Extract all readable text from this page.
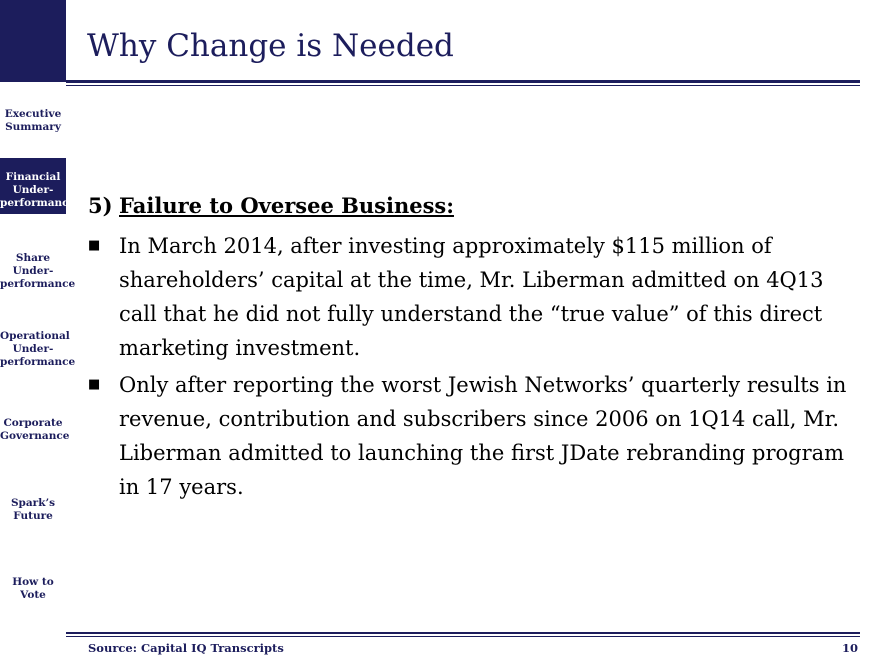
Executive
Summary
Financial
Under-
performance
Share
Under-
performance
Operational
Under-
performance
Corporate
Governance
Spark’s
Future
How to
Vote
Why Change is Needed
5) Failure to Oversee Business:
■ In March 2014, after investing approximately $115 million of shareholders’ capital at the time, Mr. Liberman admitted on 4Q13 call that he did not fully understand the “true value” of this direct marketing investment.
■ Only after reporting the worst Jewish Networks’ quarterly results in revenue, contribution and subscribers since 2006 on 1Q14 call, Mr. Liberman admitted to launching the first JDate rebranding program in 17 years.
Source: Capital IQ Transcripts	10
